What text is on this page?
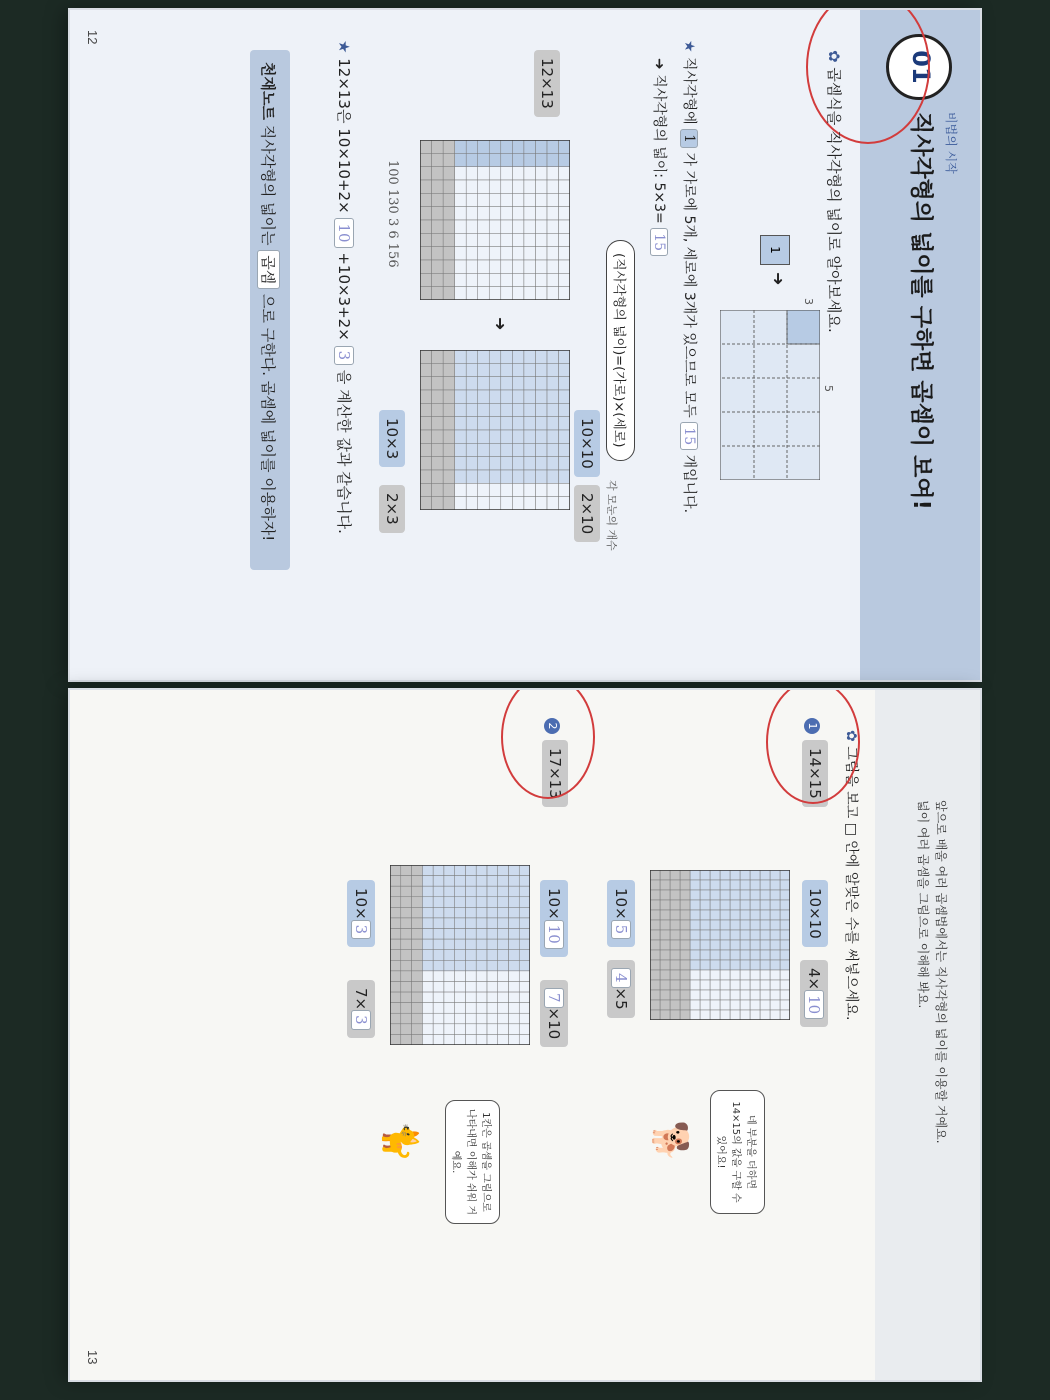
01
비법의 시작
직사각형의 넓이를 구하면 곱셈이 보여!
✿ 곱셈식을 직사각형의 넓이로 알아보세요.
1
➜
5
3
★ 직사각형에 1 가 가로에 5개, 세로에 3개가 있으므로 모두 15 개입니다.
➜ 직사각형의 넓이: 5×3= 15
(직사각형의 넓이)=(가로)×(세로)
12×13
➜
10×10
2×10
10×3
2×3	각 모눈의 개수
100 130 3 6 156
★ 12×13은 10×10+2× 10 +10×3+2× 3 을 계산한 값과 같습니다.
천재노트 직사각형의 넓이는 곱셈 으로 구한다. 곱셈에 넓이를 이용하자!
12
앞으로 배울 여러 곱셈법에서는 직사각형의 넓이를 이용할 거예요.
넓이 여러 곱셈을 그림으로 이해해 봐요.
✿ 그림을 보고 □ 안에 알맞은 수를 써넣으세요.
1
14×15
10×10
4×10
10×5
4×5
네 부분을 더하면 14×15의 값을 구할 수 있어요!
🐕
2
17×13
10×10
7×10
10×3
7×3
1칸은 곱셈을 그림으로 나타내면 이해가 쉬워 거예요.
🐈
13
